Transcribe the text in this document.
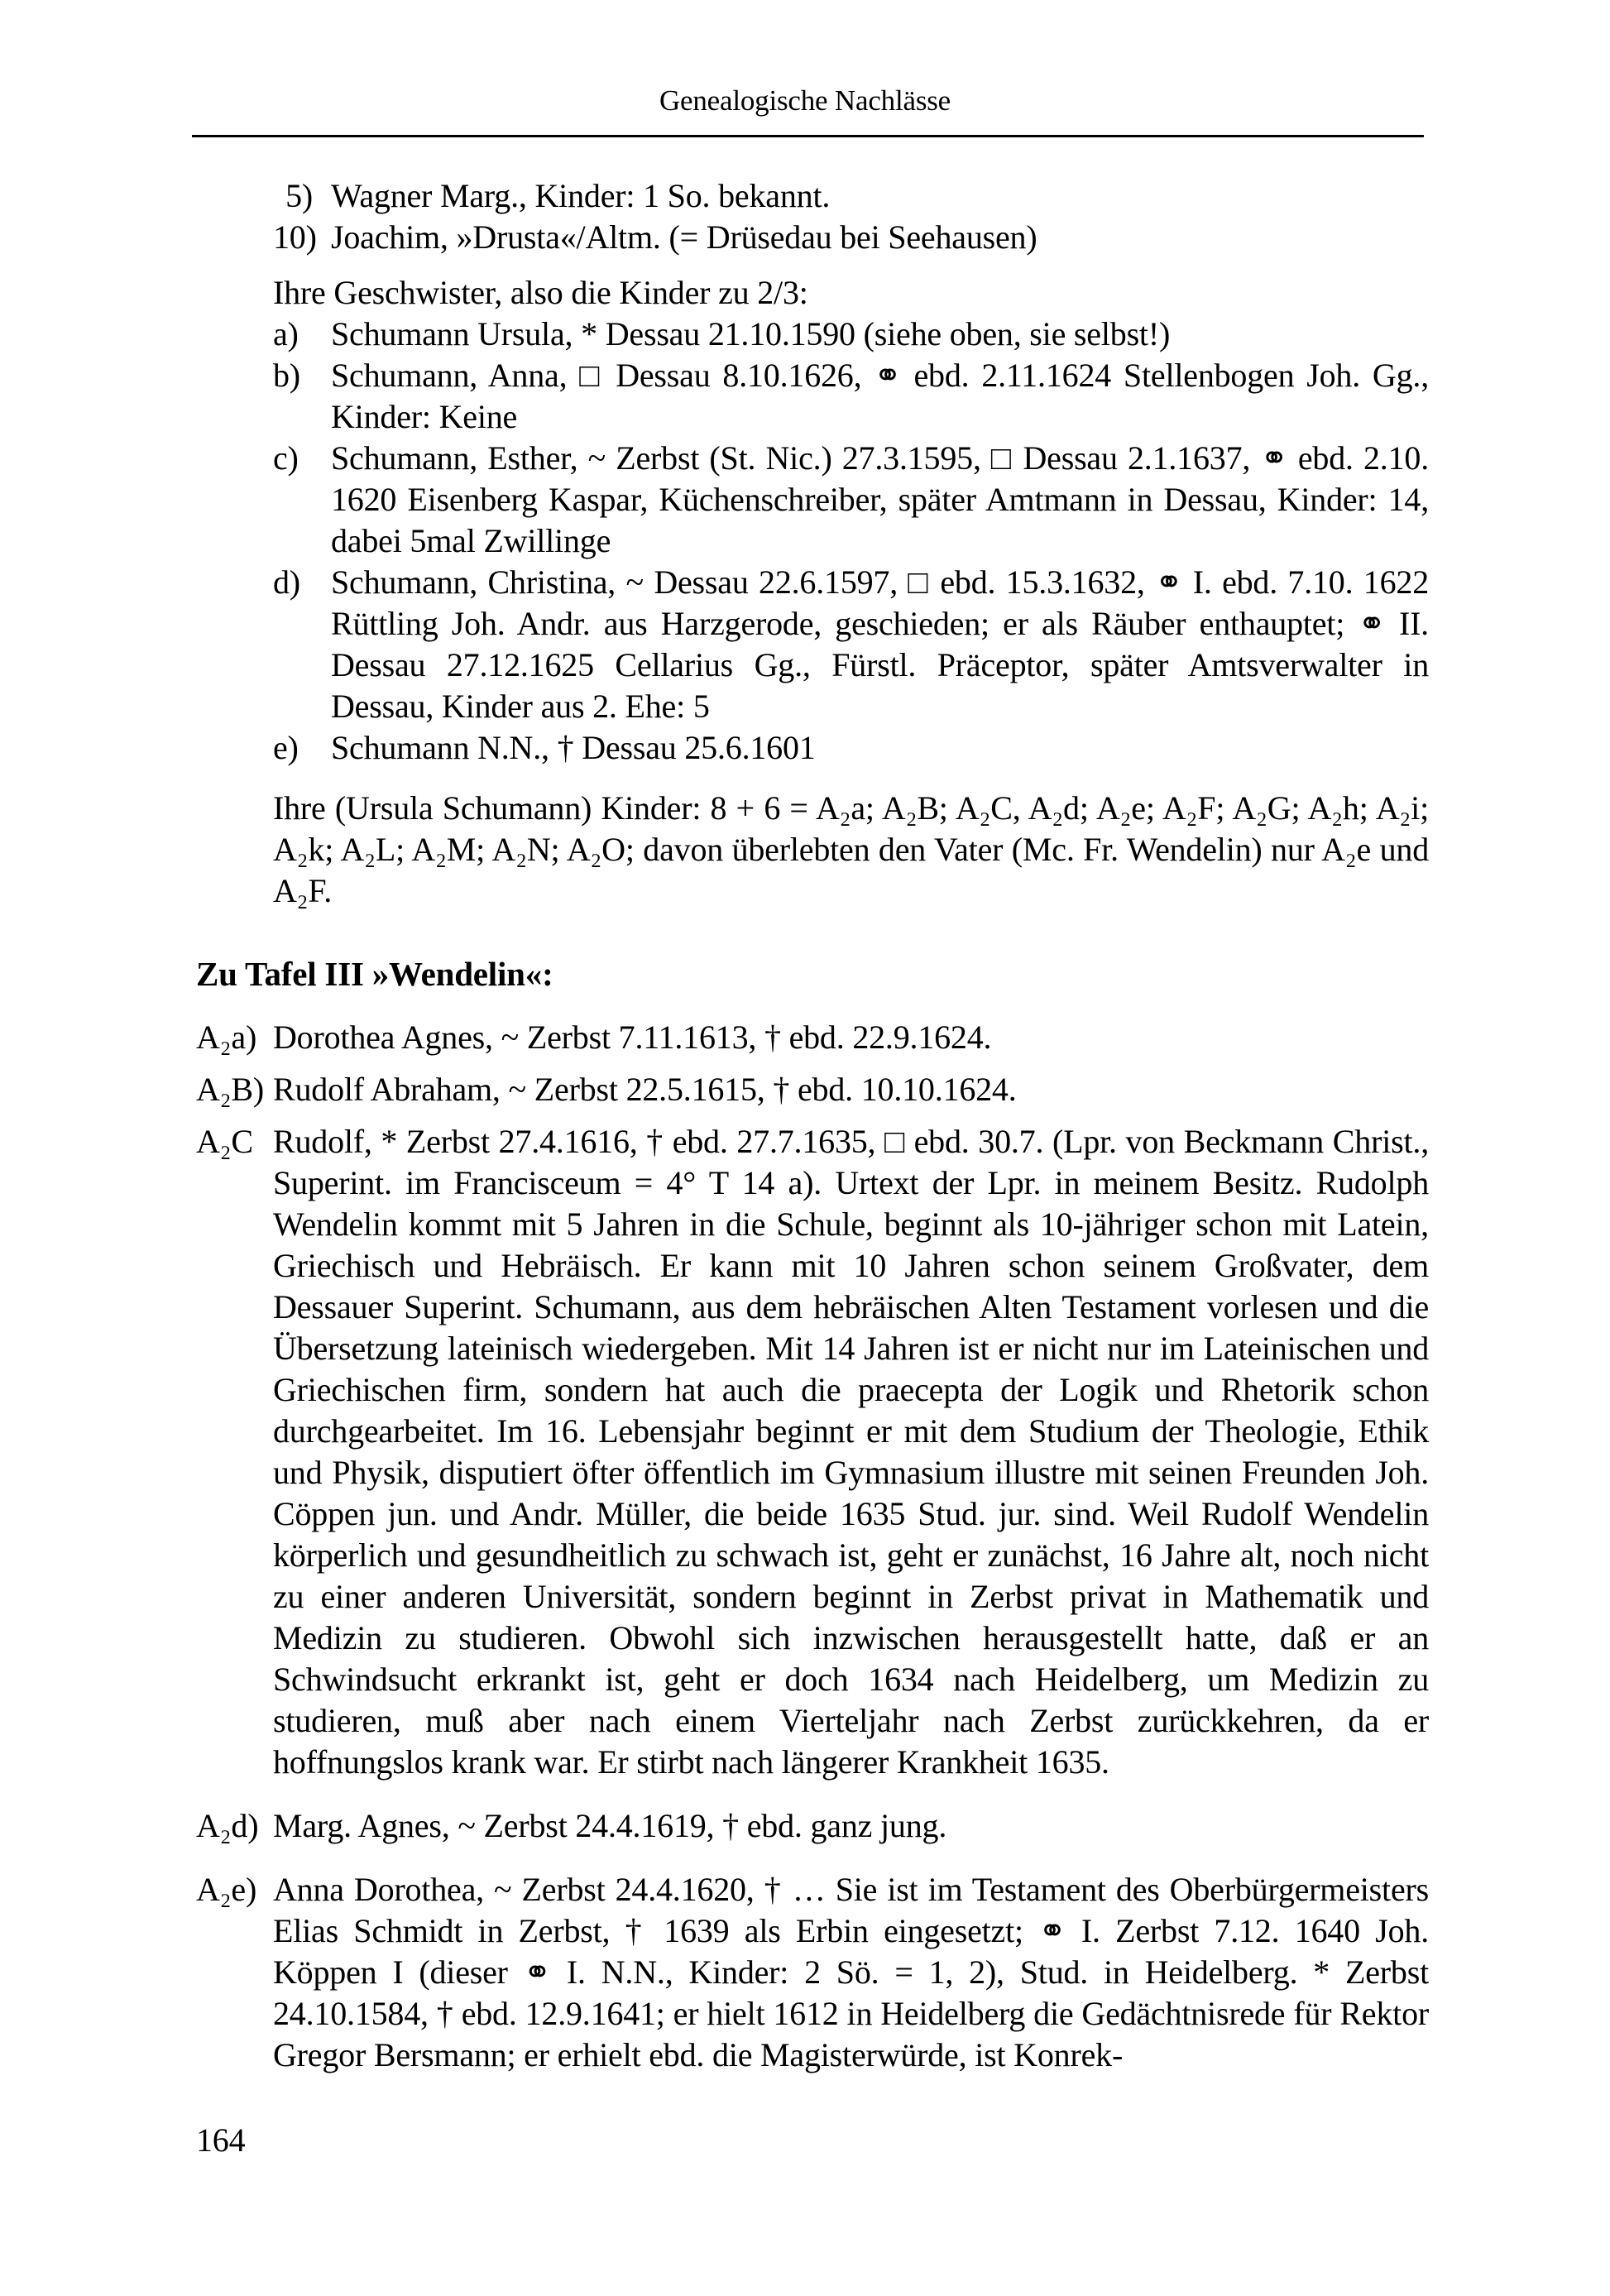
Genealogische Nachlässe

5) Wagner Marg., Kinder: 1 So. bekannt.

10) Joachim, »Drusta«/Altm. (= Drüsedau bei Seehausen)

Ihre Geschwister, also die Kinder zu 2/3:

a) Schumann Ursula, * Dessau 21.10.1590 (siehe oben, sie selbst!)

b) Schumann, Anna, □ Dessau 8.10.1626, ⚭ ebd. 2.11.1624 Stellenbogen Joh. Gg., Kinder: Keine

c) Schumann, Esther, ~ Zerbst (St. Nic.) 27.3.1595, □ Dessau 2.1.1637, ⚭ ebd. 2.10. 1620 Eisenberg Kaspar, Küchenschreiber, später Amtmann in Dessau, Kinder: 14, dabei 5mal Zwillinge

d) Schumann, Christina, ~ Dessau 22.6.1597, □ ebd. 15.3.1632, ⚭ I. ebd. 7.10. 1622 Rüttling Joh. Andr. aus Harzgerode, geschieden; er als Räuber enthauptet; ⚭ II. Dessau 27.12.1625 Cellarius Gg., Fürstl. Präceptor, später Amtsverwalter in Dessau, Kinder aus 2. Ehe: 5

e) Schumann N.N., † Dessau 25.6.1601

Ihre (Ursula Schumann) Kinder: 8 + 6 = A₂a; A₂B; A₂C, A₂d; A₂e; A₂F; A₂G; A₂h; A₂i; A₂k; A₂L; A₂M; A₂N; A₂O; davon überlebten den Vater (Mc. Fr. Wendelin) nur A₂e und A₂F.

Zu Tafel III »Wendelin«:

A₂a) Dorothea Agnes, ~ Zerbst 7.11.1613, † ebd. 22.9.1624.

A₂B) Rudolf Abraham, ~ Zerbst 22.5.1615, † ebd. 10.10.1624.

A₂C Rudolf, * Zerbst 27.4.1616, † ebd. 27.7.1635, □ ebd. 30.7. (Lpr. von Beckmann Christ., Superint. im Francisceum = 4° T 14 a). Urtext der Lpr. in meinem Besitz. Rudolph Wendelin kommt mit 5 Jahren in die Schule, beginnt als 10-jähriger schon mit Latein, Griechisch und Hebräisch. Er kann mit 10 Jahren schon seinem Großvater, dem Dessauer Superint. Schumann, aus dem hebräischen Alten Testament vorlesen und die Übersetzung lateinisch wiedergeben. Mit 14 Jahren ist er nicht nur im Lateinischen und Griechischen firm, sondern hat auch die praecepta der Logik und Rhetorik schon durchgearbeitet. Im 16. Lebensjahr beginnt er mit dem Studium der Theologie, Ethik und Physik, disputiert öfter öffentlich im Gymnasium illustre mit seinen Freunden Joh. Cöppen jun. und Andr. Müller, die beide 1635 Stud. jur. sind. Weil Rudolf Wendelin körperlich und gesundheitlich zu schwach ist, geht er zunächst, 16 Jahre alt, noch nicht zu einer anderen Universität, sondern beginnt in Zerbst privat in Mathematik und Medizin zu studieren. Obwohl sich inzwischen herausgestellt hatte, daß er an Schwindsucht erkrankt ist, geht er doch 1634 nach Heidelberg, um Medizin zu studieren, muß aber nach einem Vierteljahr nach Zerbst zurückkehren, da er hoffnungslos krank war. Er stirbt nach längerer Krankheit 1635.

A₂d) Marg. Agnes, ~ Zerbst 24.4.1619, † ebd. ganz jung.

A₂e) Anna Dorothea, ~ Zerbst 24.4.1620, † … Sie ist im Testament des Oberbürgermeisters Elias Schmidt in Zerbst, † 1639 als Erbin eingesetzt; ⚭ I. Zerbst 7.12. 1640 Joh. Köppen I (dieser ⚭ I. N.N., Kinder: 2 Sö. = 1, 2), Stud. in Heidelberg. * Zerbst 24.10.1584, † ebd. 12.9.1641; er hielt 1612 in Heidelberg die Gedächtnisrede für Rektor Gregor Bersmann; er erhielt ebd. die Magisterwürde, ist Konrek-

164
